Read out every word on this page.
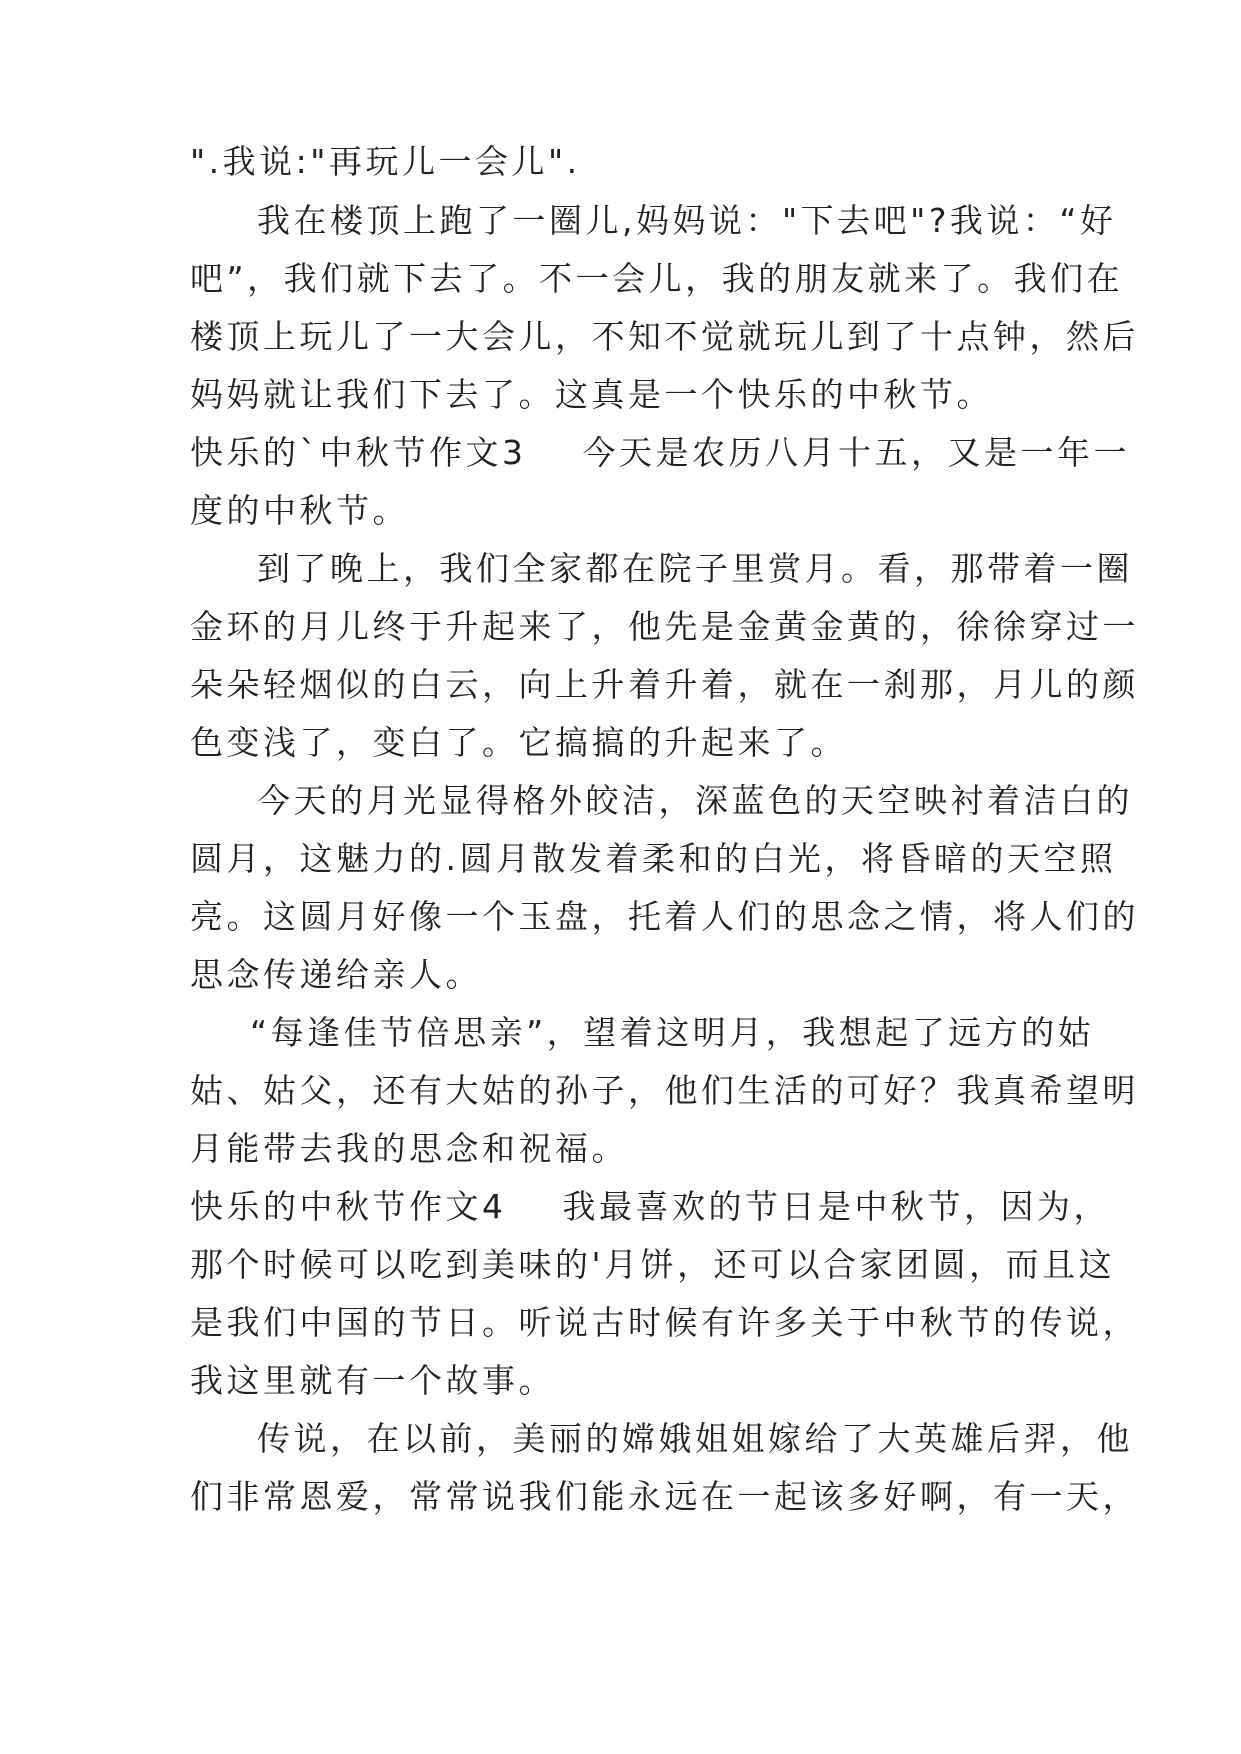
".我说:"再玩儿一会儿".
我在楼顶上跑了一圈儿,妈妈说："下去吧"?我说：“好
吧”，我们就下去了。不一会儿，我的朋友就来了。我们在
楼顶上玩儿了一大会儿，不知不觉就玩儿到了十点钟，然后
妈妈就让我们下去了。这真是一个快乐的中秋节。
快乐的`中秋节作文3 今天是农历八月十五，又是一年一
度的中秋节。
到了晚上，我们全家都在院子里赏月。看，那带着一圈
金环的月儿终于升起来了，他先是金黄金黄的，徐徐穿过一
朵朵轻烟似的白云，向上升着升着，就在一刹那，月儿的颜
色变浅了，变白了。它搞搞的升起来了。
今天的月光显得格外皎洁，深蓝色的天空映衬着洁白的
圆月，这魅力的.圆月散发着柔和的白光，将昏暗的天空照
亮。这圆月好像一个玉盘，托着人们的思念之情，将人们的
思念传递给亲人。
“每逢佳节倍思亲”，望着这明月，我想起了远方的姑
姑、姑父，还有大姑的孙子，他们生活的可好？我真希望明
月能带去我的思念和祝福。
快乐的中秋节作文4 我最喜欢的节日是中秋节，因为，
那个时候可以吃到美味的'月饼，还可以合家团圆，而且这
是我们中国的节日。听说古时候有许多关于中秋节的传说，
我这里就有一个故事。
传说，在以前，美丽的嫦娥姐姐嫁给了大英雄后羿，他
们非常恩爱，常常说我们能永远在一起该多好啊，有一天，
